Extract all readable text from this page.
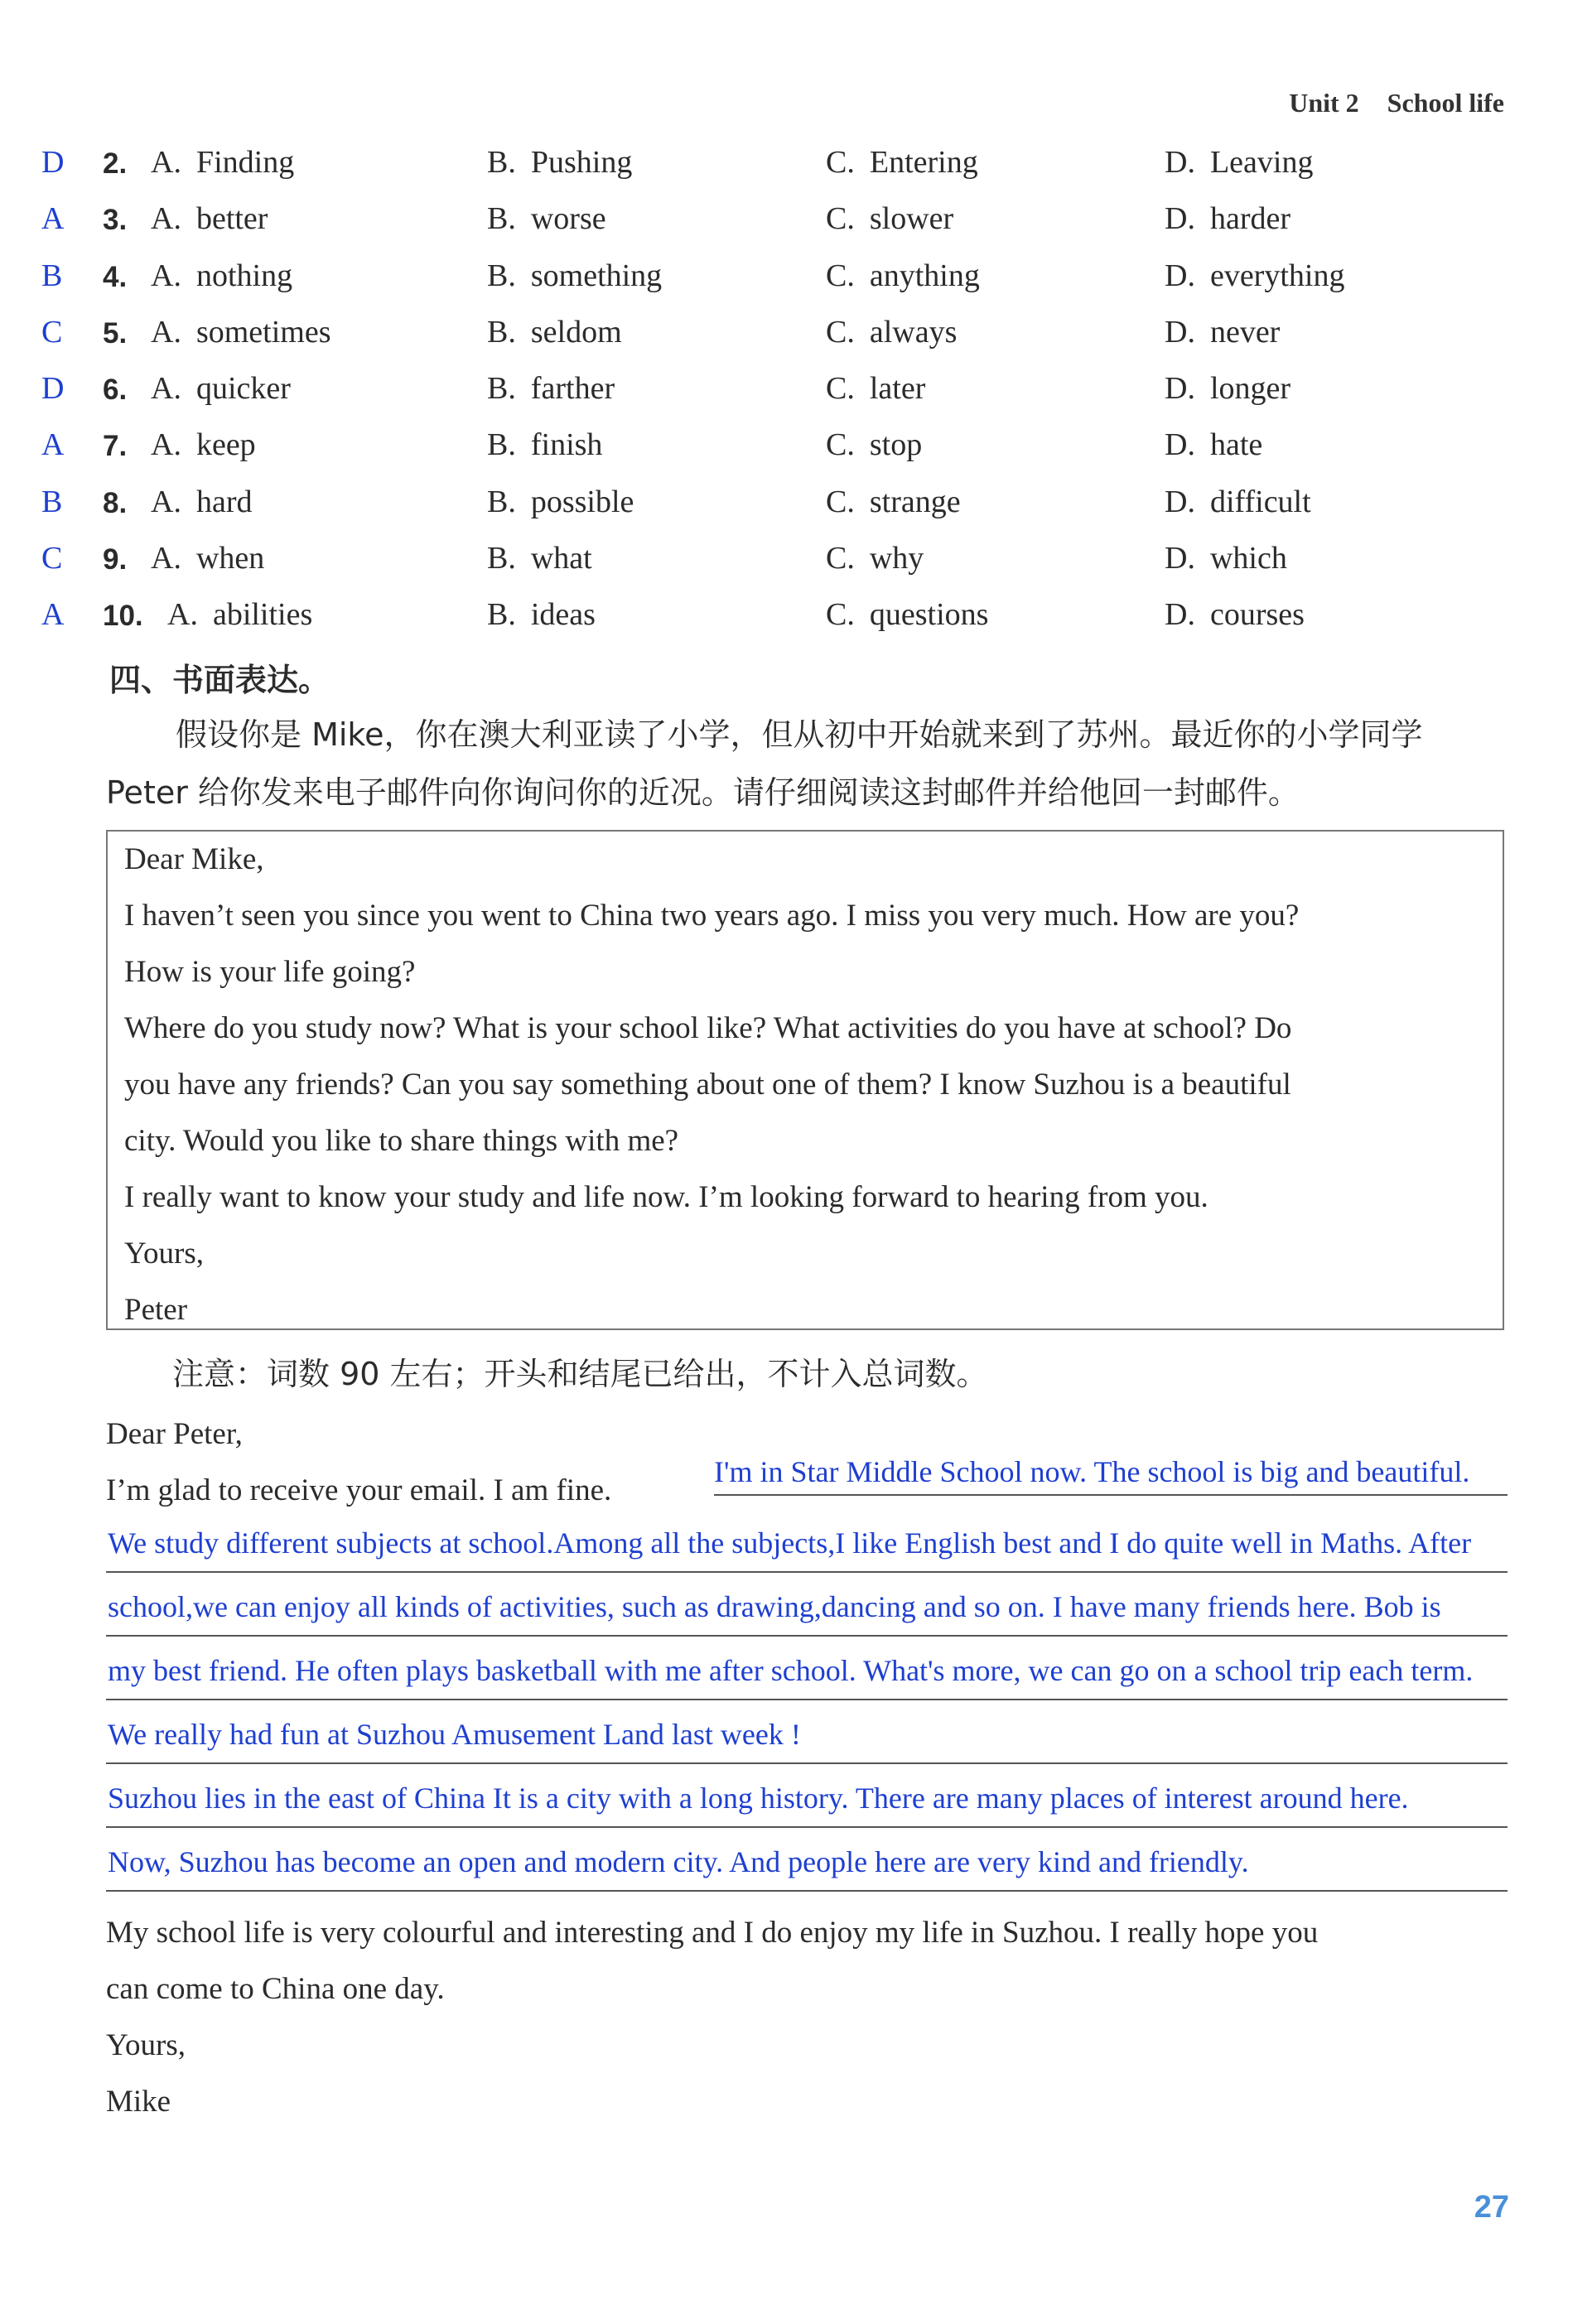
Unit 2 School life
D 2. A. Finding	B. Pushing	C. Entering	D. Leaving
A 3. A. better	B. worse	C. slower	D. harder
B 4. A. nothing	B. something	C. anything	D. everything
C 5. A. sometimes	B. seldom	C. always	D. never
D 6. A. quicker	B. farther	C. later	D. longer
A 7. A. keep	B. finish	C. stop	D. hate
B 8. A. hard	B. possible	C. strange	D. difficult
C 9. A. when	B. what	C. why	D. which
A 10. A. abilities	B. ideas	C. questions	D. courses
四、书面表达。
假设你是 Mike，你在澳大利亚读了小学，但从初中开始就来到了苏州。最近你的小学同学 Peter 给你发来电子邮件向你询问你的近况。请仔细阅读这封邮件并给他回一封邮件。

Dear Mike,

I haven’t seen you since you went to China two years ago. I miss you very much. How are you?

How is your life going?

Where do you study now? What is your school like? What activities do you have at school? Do

you have any friends? Can you say something about one of them? I know Suzhou is a beautiful

city. Would you like to share things with me?

I really want to know your study and life now. I’m looking forward to hearing from you.

Yours,

Peter

注意：词数 90 左右；开头和结尾已给出，不计入总词数。
Dear Peter,
I’m glad to receive your email. I am fine.
I'm in Star Middle School now. The school is big and beautiful.
We study different subjects at school.Among all the subjects,I like English best and I do quite well in Maths. After
school,we can enjoy all kinds of activities, such as drawing,dancing and so on. I have many friends here. Bob is
my best friend. He often plays basketball with me after school. What's more, we can go on a school trip each term.
We really had fun at Suzhou Amusement Land last week !
Suzhou lies in the east of China It is a city with a long history. There are many places of interest around here.
Now, Suzhou has become an open and modern city. And people here are very kind and friendly.
My school life is very colourful and interesting and I do enjoy my life in Suzhou. I really hope you
can come to China one day.
Yours,
Mike
27
